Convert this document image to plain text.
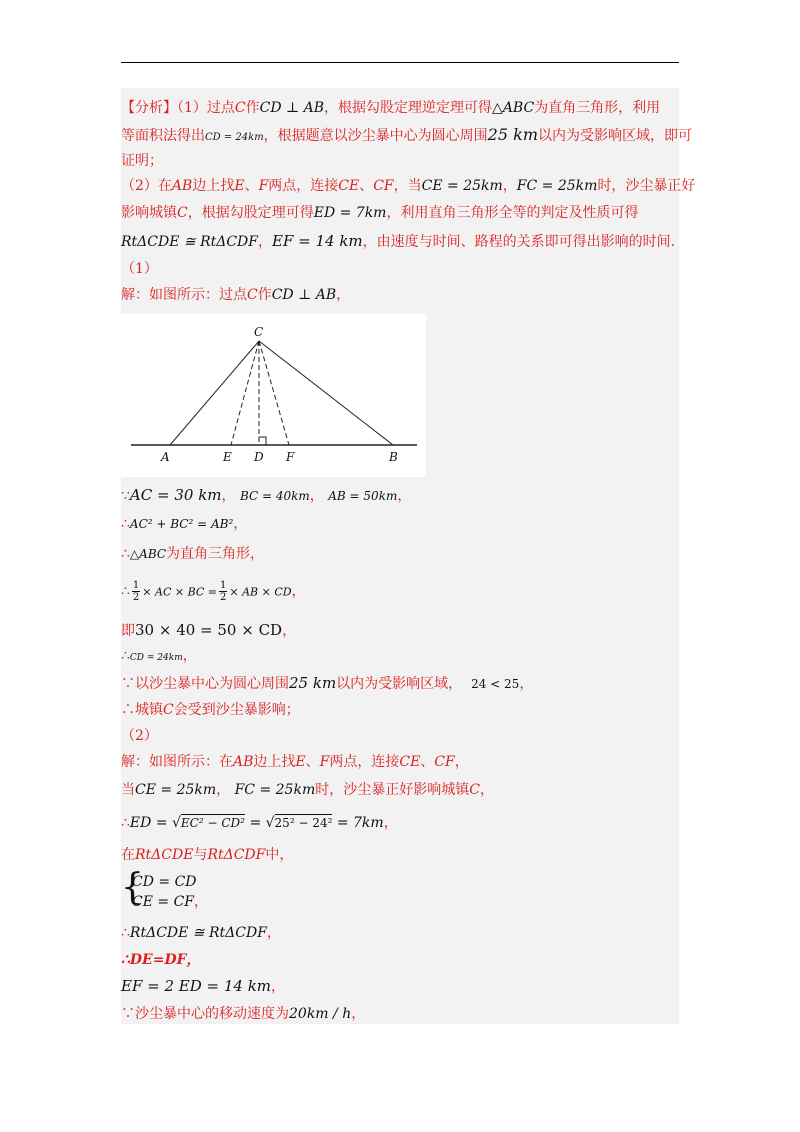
【分析】（1）过点C作CD ⊥ AB，根据勾股定理逆定理可得△ABC为直角三角形，利用
等面积法得出CD = 24km，根据题意以沙尘暴中心为圆心周围25 km以内为受影响区域，即可
证明；
（2）在AB边上找E、F两点，连接CE、CF，当CE = 25km，FC = 25km时，沙尘暴正好
影响城镇C，根据勾股定理可得ED = 7km，利用直角三角形全等的判定及性质可得
RtΔCDE ≅ RtΔCDF，EF = 14 km，由速度与时间、路程的关系即可得出影响的时间.
（1）
解：如图所示：过点C作CD ⊥ AB，
C
A	E D F	B
∵AC = 30 km， BC = 40km， AB = 50km，
∴AC² + BC² = AB²，
∴△ABC为直角三角形，
∴ $\frac{1}{2}$ × AC × BC = $\frac{1}{2}$ × AB × CD，
即30 × 40 = 50 × CD，
∴CD = 24km，
∵以沙尘暴中心为圆心周围25 km以内为受影响区域， 24 < 25，
∴城镇C会受到沙尘暴影响；
（2）
解：如图所示：在AB边上找E、F两点，连接CE、CF，
当CE = 25km， FC = 25km时，沙尘暴正好影响城镇C，
∴ED = √EC² − CD² = √25² − 24² = 7km，
在RtΔCDE与RtΔCDF中，
{
CD = CD
CE = CF，
∴RtΔCDE ≅ RtΔCDF，
∴DE=DF，
EF = 2 ED = 14 km，
∵沙尘暴中心的移动速度为20km / h，
